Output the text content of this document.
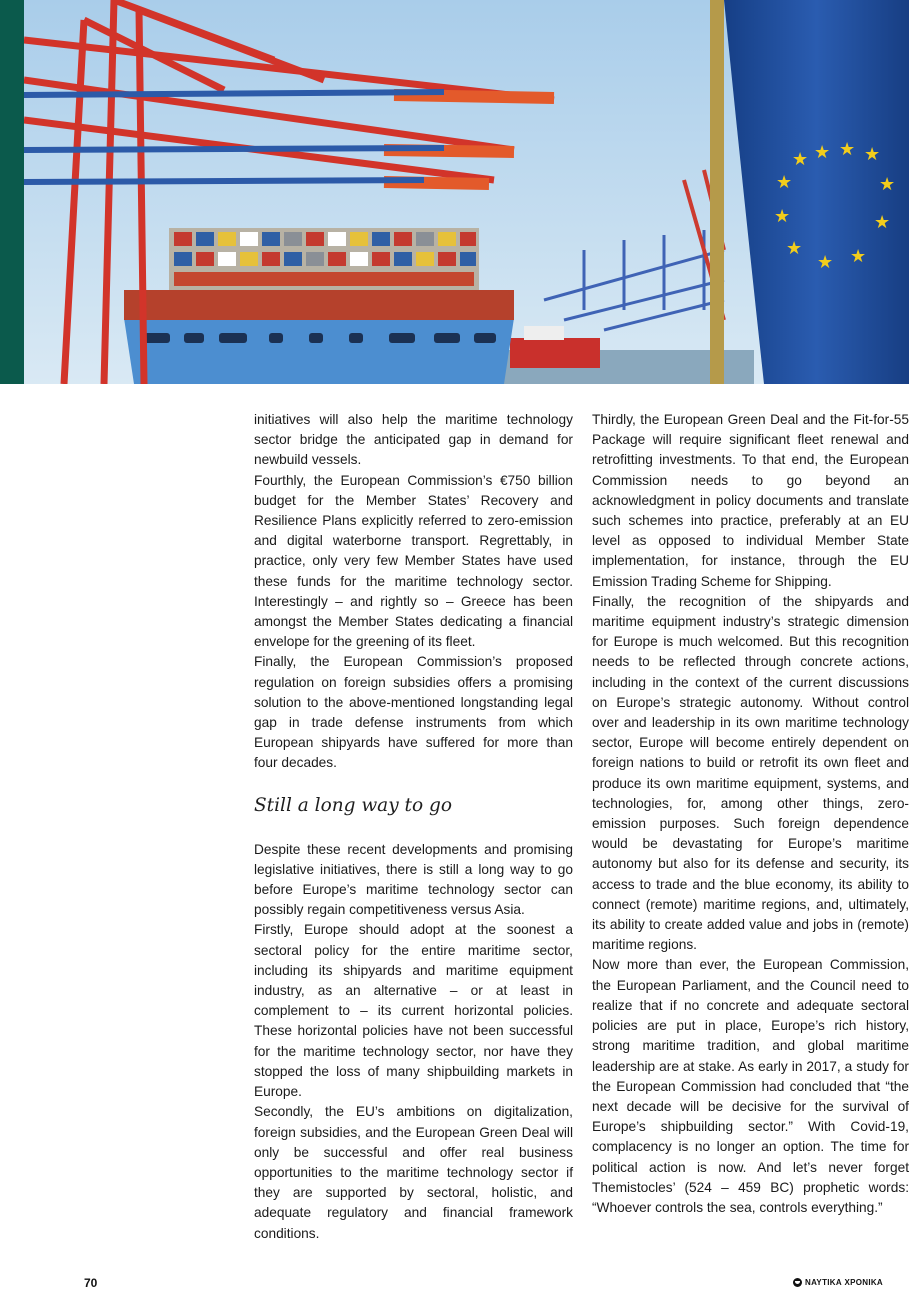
★ ★ ★
★
★
★
★
★
★
★
★

initiatives will also help the maritime technology sector bridge the anticipated gap in demand for newbuild vessels.

Fourthly, the European Commission’s €750 billion budget for the Member States’ Recovery and Resilience Plans explicitly referred to zero-emission and digital waterborne transport. Regrettably, in practice, only very few Member States have used these funds for the maritime technology sector. Interestingly – and rightly so – Greece has been amongst the Member States dedicating a financial envelope for the greening of its fleet.

Finally, the European Commission’s proposed regulation on foreign subsidies offers a promising solution to the above-mentioned longstanding legal gap in trade defense instruments from which European shipyards have suffered for more than four decades.

Still a long way to go

Despite these recent developments and promising legislative initiatives, there is still a long way to go before Europe’s maritime technology sector can possibly regain competitiveness versus Asia.

Firstly, Europe should adopt at the soonest a sectoral policy for the entire maritime sector, including its shipyards and maritime equipment industry, as an alternative – or at least in complement to – its current horizontal policies. These horizontal policies have not been successful for the maritime technology sector, nor have they stopped the loss of many shipbuilding markets in Europe.

Secondly, the EU’s ambitions on digitalization, foreign subsidies, and the European Green Deal will only be successful and offer real business opportunities to the maritime technology sector if they are supported by sectoral, holistic, and adequate regulatory and financial framework conditions.

Thirdly, the European Green Deal and the Fit-for-55 Package will require significant fleet renewal and retrofitting investments. To that end, the European Commission needs to go beyond an acknowledgment in policy documents and translate such schemes into practice, preferably at an EU level as opposed to individual Member State implementation, for instance, through the EU Emission Trading Scheme for Shipping.

Finally, the recognition of the shipyards and maritime equipment industry’s strategic dimension for Europe is much welcomed. But this recognition needs to be reflected through concrete actions, including in the context of the current discussions on Europe’s strategic autonomy. Without control over and leadership in its own maritime technology sector, Europe will become entirely dependent on foreign nations to build or retrofit its own fleet and produce its own maritime equipment, systems, and technologies, for, among other things, zero-emission purposes. Such foreign dependence would be devastating for Europe’s maritime autonomy but also for its defense and security, its access to trade and the blue economy, its ability to connect (remote) maritime regions, and, ultimately, its ability to create added value and jobs in (remote) maritime regions.

Now more than ever, the European Commission, the European Parliament, and the Council need to realize that if no concrete and adequate sectoral policies are put in place, Europe’s rich history, strong maritime tradition, and global maritime leadership are at stake. As early in 2017, a study for the European Commission had concluded that “the next decade will be decisive for the survival of Europe’s shipbuilding sector.” With Covid-19, complacency is no longer an option. The time for political action is now. And let’s never forget Themistocles’ (524 – 459 BC) prophetic words: “Whoever controls the sea, controls everything.”

70	ΝΑΥΤΙΚΑ ΧΡΟΝΙΚΑ
